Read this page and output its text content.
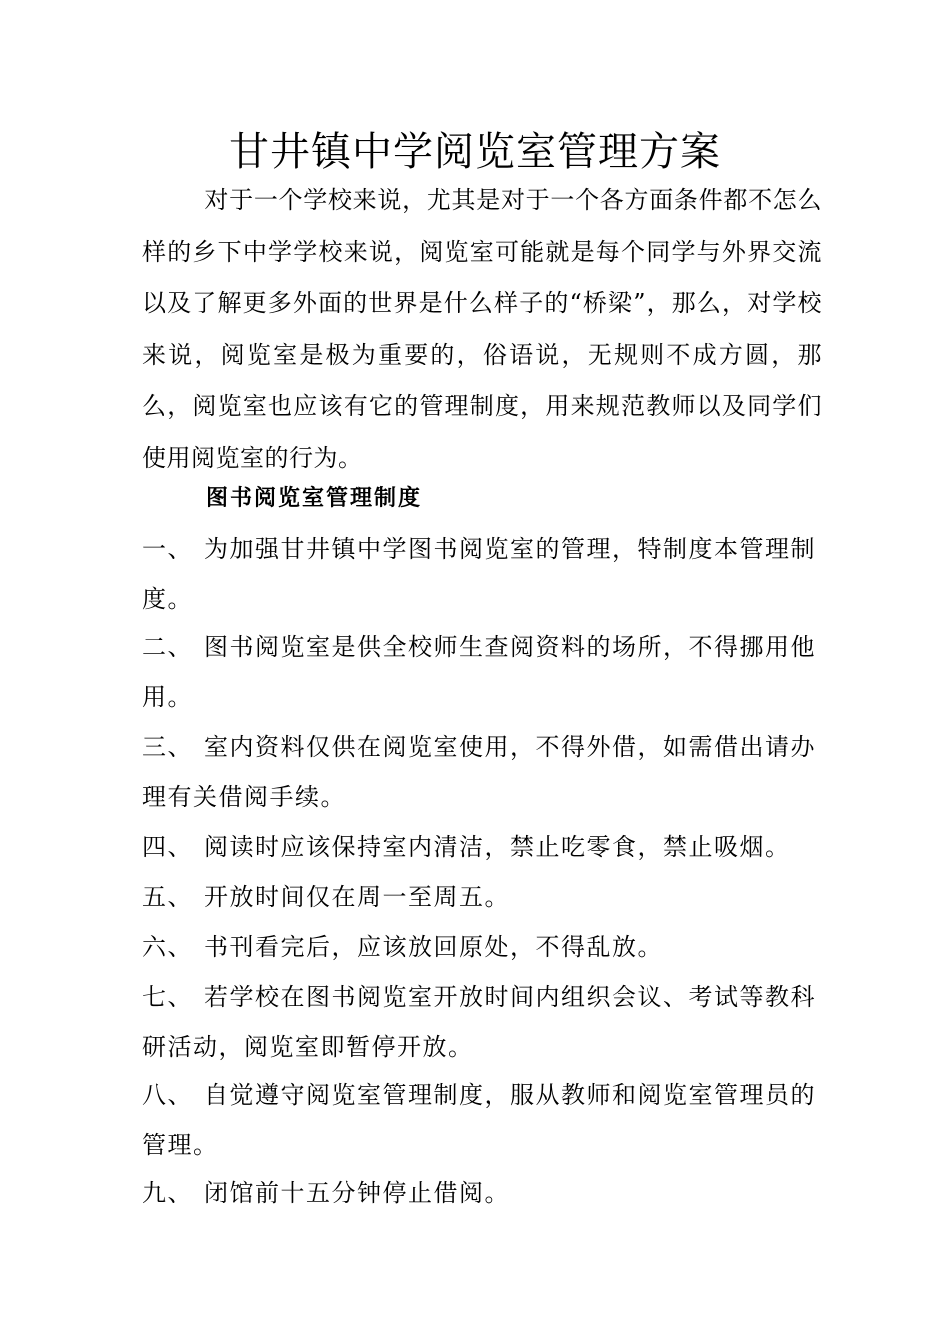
甘井镇中学阅览室管理方案

对于一个学校来说，尤其是对于一个各方面条件都不怎么样的乡下中学学校来说，阅览室可能就是每个同学与外界交流以及了解更多外面的世界是什么样子的“桥梁”，那么，对学校来说，阅览室是极为重要的，俗语说，无规则不成方圆，那么，阅览室也应该有它的管理制度，用来规范教师以及同学们使用阅览室的行为。

图书阅览室管理制度

一、 为加强甘井镇中学图书阅览室的管理，特制度本管理制度。

二、 图书阅览室是供全校师生查阅资料的场所，不得挪用他用。

三、 室内资料仅供在阅览室使用，不得外借，如需借出请办理有关借阅手续。

四、 阅读时应该保持室内清洁，禁止吃零食，禁止吸烟。

五、 开放时间仅在周一至周五。

六、 书刊看完后，应该放回原处，不得乱放。

七、 若学校在图书阅览室开放时间内组织会议、考试等教科研活动，阅览室即暂停开放。

八、 自觉遵守阅览室管理制度，服从教师和阅览室管理员的管理。

九、 闭馆前十五分钟停止借阅。
